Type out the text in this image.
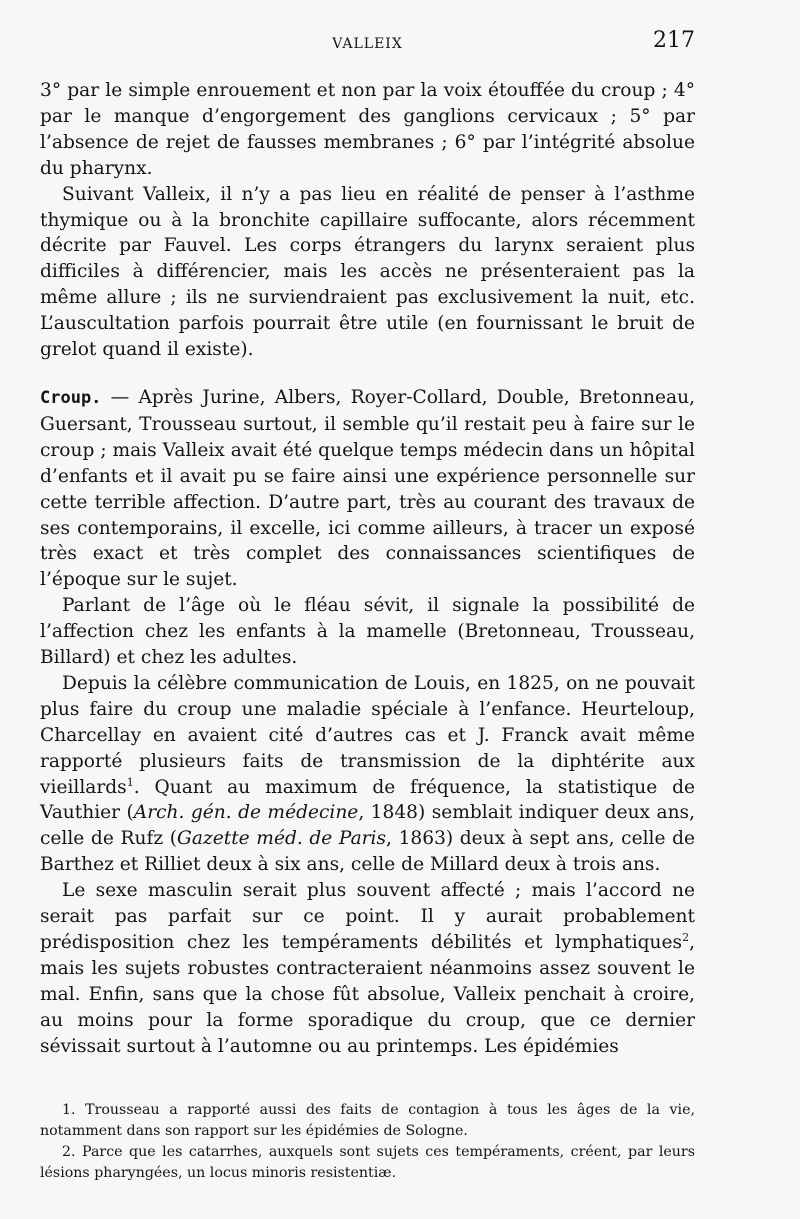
VALLEIX	217

3° par le simple enrouement et non par la voix étouffée du croup ; 4° par le manque d’engorgement des ganglions cervicaux ; 5° par l’absence de rejet de fausses membranes ; 6° par l’intégrité absolue du pharynx.

Suivant Valleix, il n’y a pas lieu en réalité de penser à l’asthme thymique ou à la bronchite capillaire suffocante, alors récemment décrite par Fauvel. Les corps étrangers du larynx seraient plus difficiles à différencier, mais les accès ne présenteraient pas la même allure ; ils ne surviendraient pas exclusivement la nuit, etc. L’auscultation parfois pourrait être utile (en fournissant le bruit de grelot quand il existe).

Croup. — Après Jurine, Albers, Royer-Collard, Double, Bretonneau, Guersant, Trousseau surtout, il semble qu’il restait peu à faire sur le croup ; mais Valleix avait été quelque temps médecin dans un hôpital d’enfants et il avait pu se faire ainsi une expérience personnelle sur cette terrible affection. D’autre part, très au courant des travaux de ses contemporains, il excelle, ici comme ailleurs, à tracer un exposé très exact et très complet des connaissances scientifiques de l’époque sur le sujet.

Parlant de l’âge où le fléau sévit, il signale la possibilité de l’affection chez les enfants à la mamelle (Bretonneau, Trousseau, Billard) et chez les adultes.

Depuis la célèbre communication de Louis, en 1825, on ne pouvait plus faire du croup une maladie spéciale à l’enfance. Heurteloup, Charcellay en avaient cité d’autres cas et J. Franck avait même rapporté plusieurs faits de transmission de la diphtérite aux vieillards$^1$. Quant au maximum de fréquence, la statistique de Vauthier (Arch. gén. de médecine, 1848) semblait indiquer deux ans, celle de Rufz (Gazette méd. de Paris, 1863) deux à sept ans, celle de Barthez et Rilliet deux à six ans, celle de Millard deux à trois ans.

Le sexe masculin serait plus souvent affecté ; mais l’accord ne serait pas parfait sur ce point. Il y aurait probablement prédisposition chez les tempéraments débilités et lymphatiques$^2$, mais les sujets robustes contracteraient néanmoins assez souvent le mal. Enfin, sans que la chose fût absolue, Valleix penchait à croire, au moins pour la forme sporadique du croup, que ce dernier sévissait surtout à l’automne ou au printemps. Les épidémies

1. Trousseau a rapporté aussi des faits de contagion à tous les âges de la vie, notamment dans son rapport sur les épidémies de Sologne.

2. Parce que les catarrhes, auxquels sont sujets ces tempéraments, créent, par leurs lésions pharyngées, un locus minoris resistentiæ.
